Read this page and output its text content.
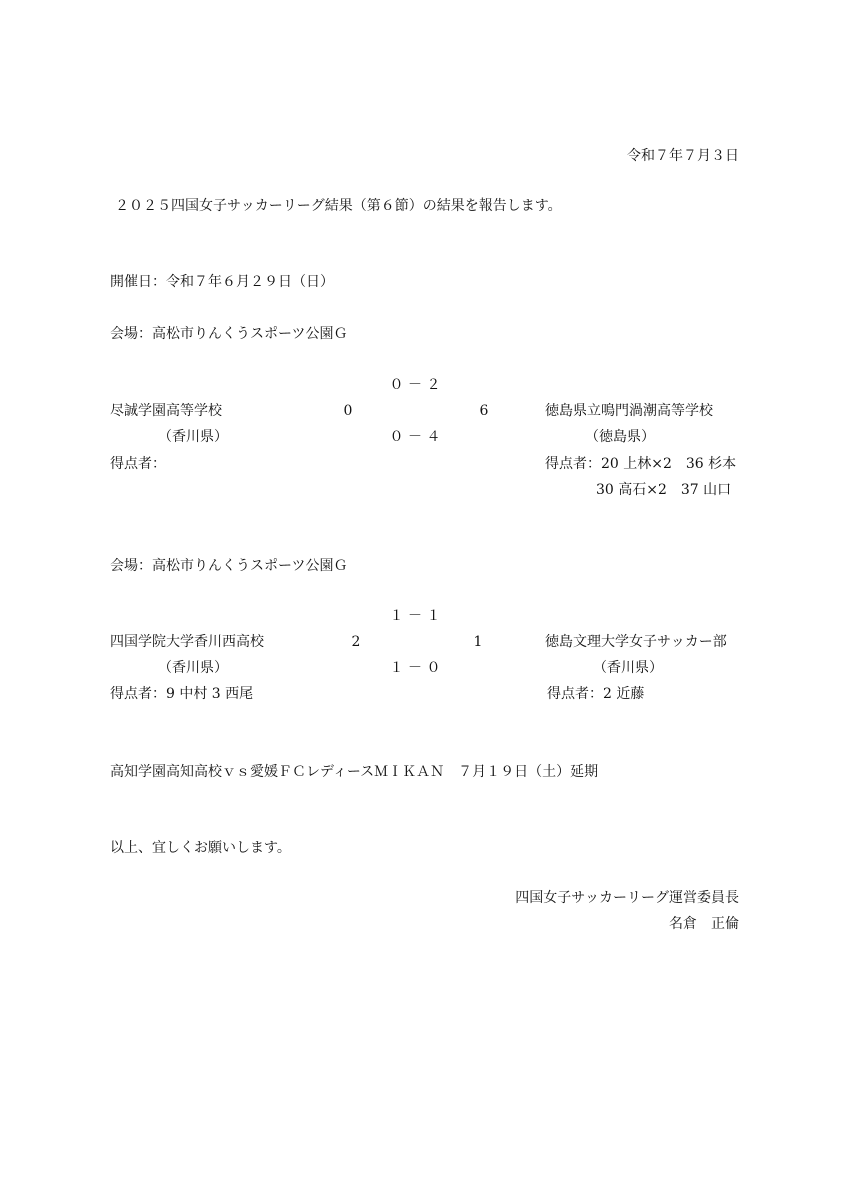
令和７年７月３日
２０２５四国女子サッカーリーグ結果（第６節）の結果を報告します。
開催日：令和７年６月２９日（日）
会場：高松市りんくうスポーツ公園Ｇ
０ － ２
尽誠学園高等学校	0	6	徳島県立鳴門渦潮高等学校
（香川県）	０ － ４	（徳島県）
得点者：	得点者：20 上林×2　36 杉本
30 高石×2　37 山口
会場：高松市りんくうスポーツ公園Ｇ
１ － １
四国学院大学香川西高校	2	1	徳島文理大学女子サッカー部
（香川県）	１ － ０	（香川県）
得点者：9 中村 3 西尾	得点者：2 近藤
高知学園高知高校ｖｓ愛媛ＦＣレディースＭＩＫＡＮ　７月１９日（土）延期
以上、宜しくお願いします。
四国女子サッカーリーグ運営委員長
名倉　正倫
